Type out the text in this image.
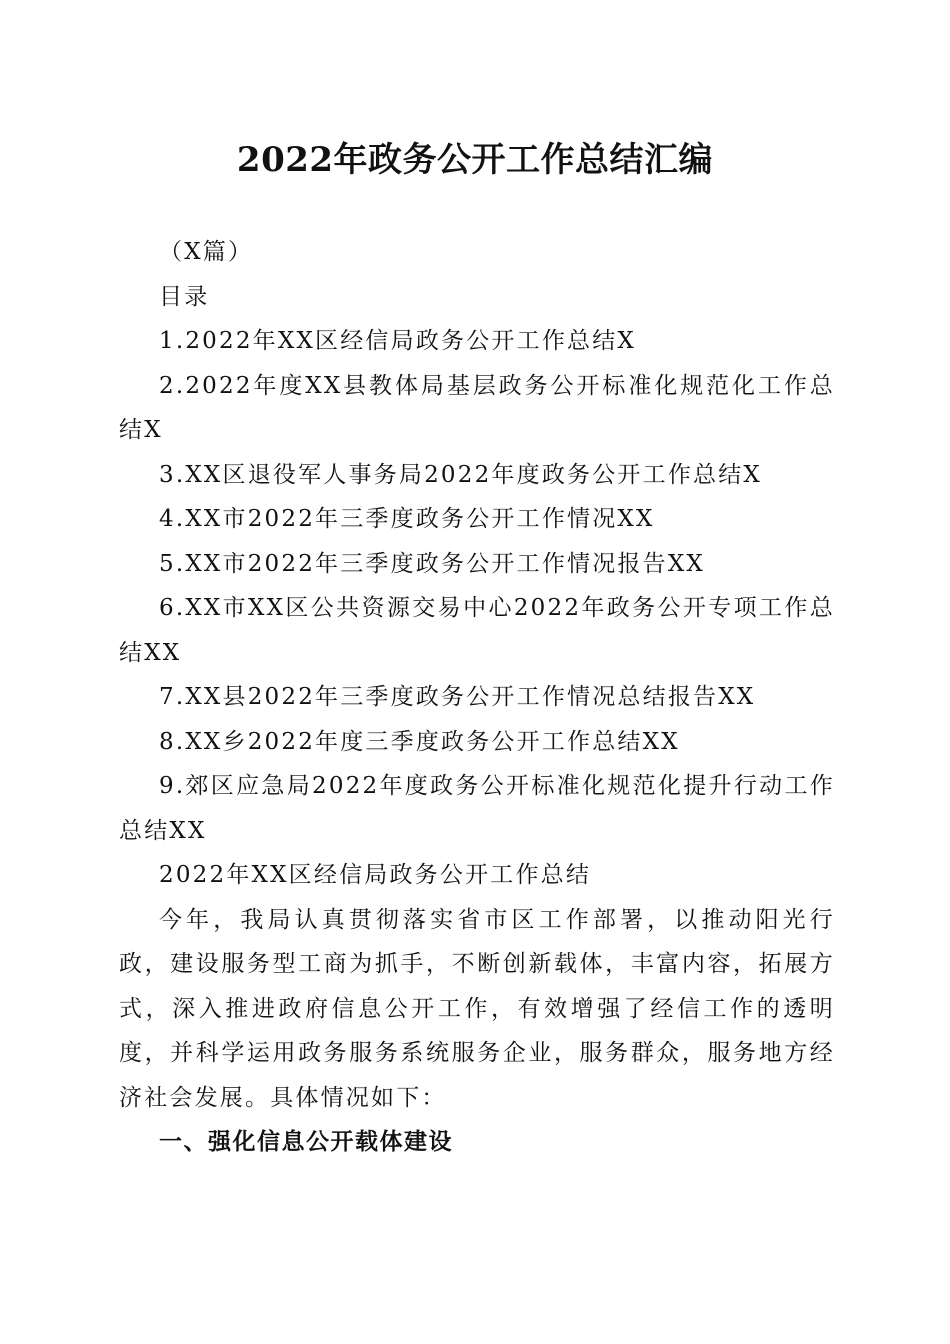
2022年政务公开工作总结汇编

（X篇）

目录

1.2022年XX区经信局政务公开工作总结X

2.2022年度XX县教体局基层政务公开标准化规范化工作总结X

3.XX区退役军人事务局2022年度政务公开工作总结X

4.XX市2022年三季度政务公开工作情况XX

5.XX市2022年三季度政务公开工作情况报告XX

6.XX市XX区公共资源交易中心2022年政务公开专项工作总结XX

7.XX县2022年三季度政务公开工作情况总结报告XX

8.XX乡2022年度三季度政务公开工作总结XX

9.郊区应急局2022年度政务公开标准化规范化提升行动工作总结XX

2022年XX区经信局政务公开工作总结

今年，我局认真贯彻落实省市区工作部署，以推动阳光行政，建设服务型工商为抓手，不断创新载体，丰富内容，拓展方式，深入推进政府信息公开工作，有效增强了经信工作的透明度，并科学运用政务服务系统服务企业，服务群众，服务地方经济社会发展。具体情况如下：

一、强化信息公开载体建设
